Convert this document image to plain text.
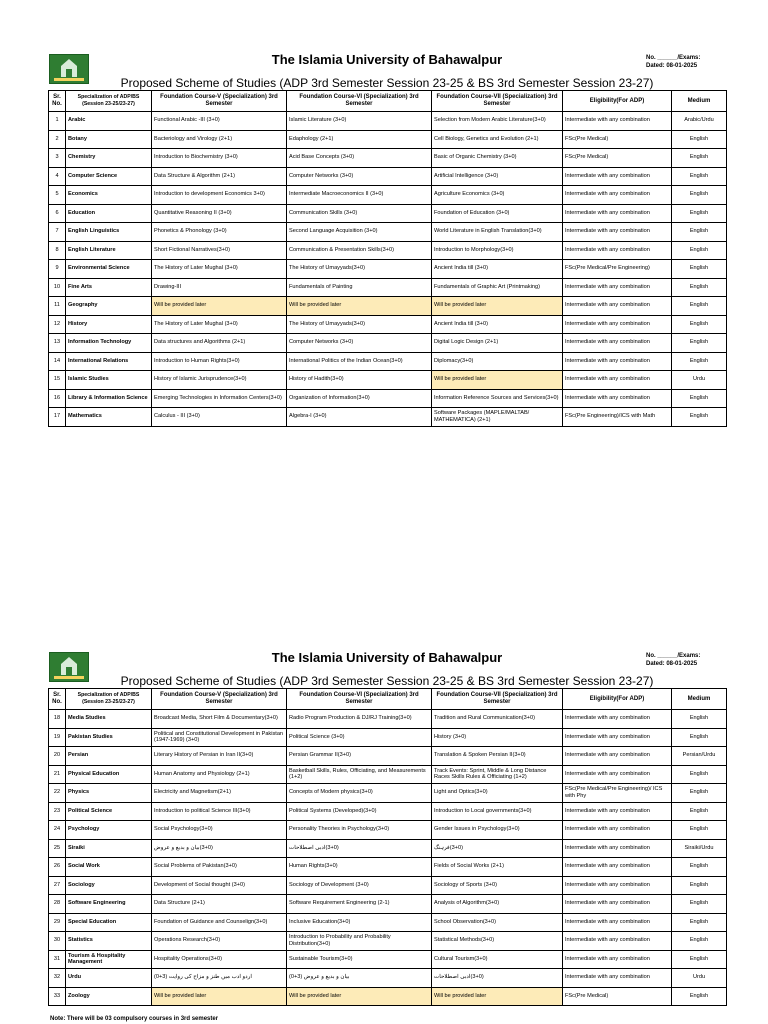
The Islamia University of Bahawalpur	No. ______/Exams:
Dated: 08-01-2025
Proposed Scheme of Studies (ADP 3rd Semester Session 23-25 & BS 3rd Semester Session 23-27)
Sr. No.	Specialization of ADP/BS (Session 23-25/23-27)	Foundation Course-V (Specialization) 3rd Semester	Foundation Course-VI (Specialization) 3rd Semester	Foundation Course-VII (Specialization) 3rd Semester	Eligibility(For ADP)	Medium
1	Arabic	Functional Arabic -III (3+0)	Islamic Literature (3+0)	Selection from Modern Arabic Literature(3+0)	Intermediate with any combination	Arabic/Urdu
2	Botany	Bacteriology and Virology (2+1)	Edaphology (2+1)	Cell Biology, Genetics and Evolution (2+1)	FSc(Pre Medical)	English
3	Chemistry	Introduction to Biochemistry (3+0)	Acid Base Concepts (3+0)	Basic of Organic Chemistry (3+0)	FSc(Pre Medical)	English
4	Computer Science	Data Structure & Algorithm (2+1)	Computer Networks (3+0)	Artificial Intelligence (3+0)	Intermediate with any combination	English
5	Economics	Introduction to development Economics 3+0)	Intermediate Macroeconomics II (3+0)	Agriculture Economics (3+0)	Intermediate with any combination	English
6	Education	Quantitative Reasoning II (3+0)	Communication Skills (3+0)	Foundation of Education (3+0)	Intermediate with any combination	English
7	English Linguistics	Phonetics & Phonology (3+0)	Second Language Acquisition (3+0)	World Literature in English Translation(3+0)	Intermediate with any combination	English
8	English Literature	Short Fictional Narratives(3+0)	Communication & Presentation Skills(3+0)	Introduction to Morphology(3+0)	Intermediate with any combination	English
9	Environmental Science	The History of Later Mughal (3+0)	The History of Umayyads(3+0)	Ancient India till (3+0)	FSc(Pre Medical/Pre Engineering)	English
10	Fine Arts	Drawing-III	Fundamentals of Painting	Fundamentals of Graphic Art (Printmaking)	Intermediate with any combination	English
11	Geography	Will be provided later	Will be provided later	Will be provided later	Intermediate with any combination	English
12	History	The History of Later Mughal (3+0)	The History of Umayyads(3+0)	Ancient India till (3+0)	Intermediate with any combination	English
13	Information Technology	Data structures and Algorithms (2+1)	Computer Networks (3+0)	Digital Logic Design (2+1)	Intermediate with any combination	English
14	International Relations	Introduction to Human Rights(3+0)	International Politics of the Indian Ocean(3+0)	Diplomacy(3+0)	Intermediate with any combination	English
15	Islamic Studies	History of Islamic Jurisprudence(3+0)	History of Hadith(3+0)	Will be provided later	Intermediate with any combination	Urdu
16	Library & Information Science	Emerging Technologies in Information Centers(3+0)	Organization of Information(3+0)	Information Reference Sources and Services(3+0)	Intermediate with any combination	English
17	Mathematics	Calculus - III (3+0)	Algebra-I (3+0)	Software Packages (MAPLE/MALTAB/ MATHEMATICA) (2+1)	FSc(Pre Engineering)/ICS with Math	English
The Islamia University of Bahawalpur	No. ______/Exams:
Dated: 08-01-2025
Proposed Scheme of Studies (ADP 3rd Semester Session 23-25 & BS 3rd Semester Session 23-27)
Sr. No.	Specialization of ADP/BS (Session 23-25/23-27)	Foundation Course-V (Specialization) 3rd Semester	Foundation Course-VI (Specialization) 3rd Semester	Foundation Course-VII (Specialization) 3rd Semester	Eligibility(For ADP)	Medium
18	Media Studies	Broadcast Media, Short Film & Documentary(3+0)	Radio Program Production & DJ/RJ Training(3+0)	Tradition and Rural Communication(3+0)	Intermediate with any combination	English
19	Pakistan Studies	Political and Constitutional Development in Pakistan (1947-1969) (3+0)	Political Science (3+0)	History (3+0)	Intermediate with any combination	English
20	Persian	Literary History of Persian in Iran II(3+0)	Persian Grammar II(3+0)	Translation & Spoken Persian II(3+0)	Intermediate with any combination	Persian/Urdu
21	Physical Education	Human Anatomy and Physiology (2+1)	Basketball Skills, Rules, Officiating, and Measurements (1+2)	Track Events: Sprint, Middle & Long Distance Races Skills Rules & Officiating (1+2)	Intermediate with any combination	English
22	Physics	Electricity and Magnetism(2+1)	Concepts of Modern physics(3+0)	Light and Optics(3+0)	FSc(Pre Medical/Pre Engineering)/ ICS with Phy	English
23	Political Science	Introduction to political Science III(3+0)	Political Systems (Developed)(3+0)	Introduction to Local governments(3+0)	Intermediate with any combination	English
24	Psychology	Social Psychology(3+0)	Personality Theories in Psychology(3+0)	Gender Issues in Psychology(3+0)	Intermediate with any combination	English
25	Siraiki	(3+0)بیان و بدیع و عروض	(3+0)ادبی اصطلاحات	(3+0)فرہنگ	Intermediate with any combination	Siraiki/Urdu
26	Social Work	Social Problems of Pakistan(3+0)	Human Rights(3+0)	Fields of Social Works (2+1)	Intermediate with any combination	English
27	Sociology	Development of Social thought (3+0)	Sociology of Development (3+0)	Sociology of Sports (3+0)	Intermediate with any combination	English
28	Software Engineering	Data Structure (2+1)	Software Requirement Engineering (2-1)	Analysis of Algorithm(3+0)	Intermediate with any combination	English
29	Special Education	Foundation of Guidance and Counselign(3+0)	Inclusive Education(3+0)	School Observation(3+0)	Intermediate with any combination	English
30	Statistics	Operations Research(3+0)	Introduction to Probability and Probability Distribution(3+0)	Statistical Methods(3+0)	Intermediate with any combination	English
31	Tourism & Hospitality Management	Hospitality Operations(3+0)	Sustainable Tourism(3+0)	Cultural Tourism(3+0)	Intermediate with any combination	English
32	Urdu	اردو ادب میں طنز و مزاح کی روایت (3+0)	بیان و بدیع و عروض (3+0)	(3+0)ادبی اصطلاحات	Intermediate with any combination	Urdu
33	Zoology	Will be provided later	Will be provided later	Will be provided later	FSc(Pre Medical)	English
Note: There will be 03 compulsory courses in 3rd semester
